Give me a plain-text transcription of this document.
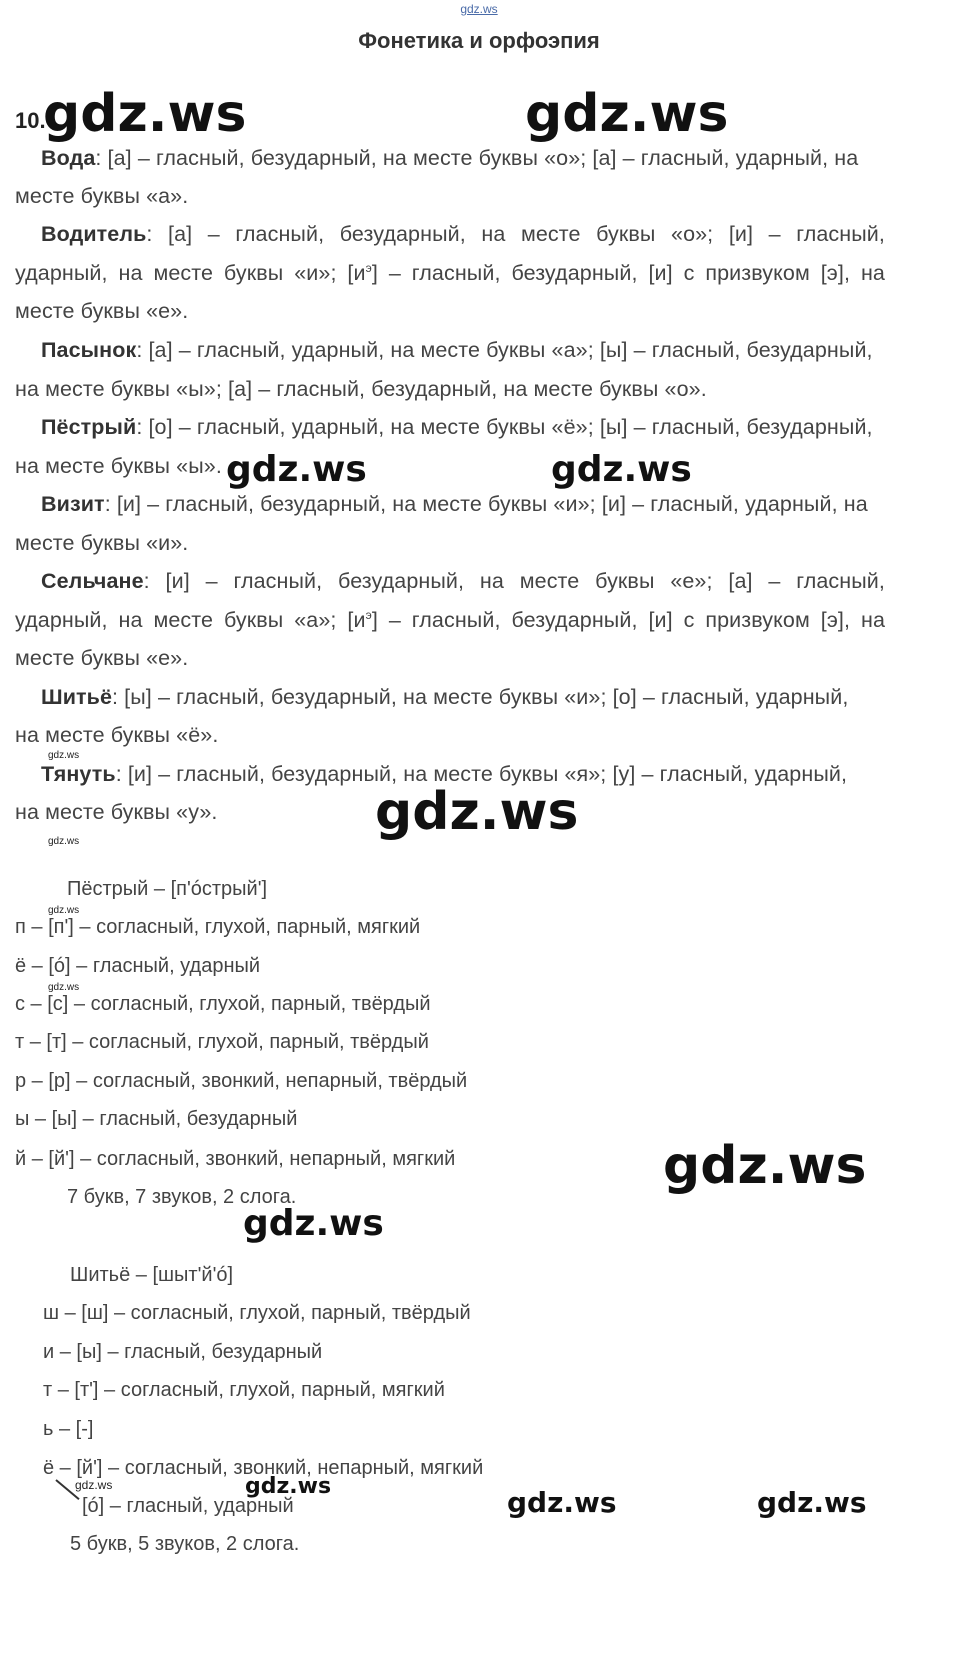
gdz.ws
Фонетика и орфоэпия
10.
Вода: [а] – гласный, безударный, на месте буквы «о»; [а] – гласный, ударный, на
месте буквы «а».
Водитель: [а] – гласный, безударный, на месте буквы «о»; [и] – гласный,
ударный, на месте буквы «и»; $[и^э]$ – гласный, безударный, [и] с призвуком [э], на
месте буквы «е».
Пасынок: [а] – гласный, ударный, на месте буквы «а»; [ы] – гласный, безударный,
на месте буквы «ы»; [а] – гласный, безударный, на месте буквы «о».
Пёстрый: [о] – гласный, ударный, на месте буквы «ё»; [ы] – гласный, безударный,
на месте буквы «ы».
Визит: [и] – гласный, безударный, на месте буквы «и»; [и] – гласный, ударный, на
месте буквы «и».
Сельчане: [и] – гласный, безударный, на месте буквы «е»; [а] – гласный,
ударный, на месте буквы «а»; $[и^э]$ – гласный, безударный, [и] с призвуком [э], на
месте буквы «е».
Шитьё: [ы] – гласный, безударный, на месте буквы «и»; [о] – гласный, ударный,
на месте буквы «ё».
Тянуть: [и] – гласный, безударный, на месте буквы «я»; [у] – гласный, ударный,
на месте буквы «у».
Пёстрый – [п'óстрый']
п – [п'] – согласный, глухой, парный, мягкий
ё – [ó] – гласный, ударный
с – [с] – согласный, глухой, парный, твёрдый
т – [т] – согласный, глухой, парный, твёрдый
р – [р] – согласный, звонкий, непарный, твёрдый
ы – [ы] – гласный, безударный
й – [й'] – согласный, звонкий, непарный, мягкий
7 букв, 7 звуков, 2 слога.
Шитьё – [шыт'й'ó]
ш – [ш] – согласный, глухой, парный, твёрдый
и – [ы] – гласный, безударный
т – [т'] – согласный, глухой, парный, мягкий
ь – [-]
ё – [й'] – согласный, звонкий, непарный, мягкий
[ó] – гласный, ударный
5 букв, 5 звуков, 2 слога.
gdz.ws	gdz.ws
gdz.ws	gdz.ws
gdz.ws
gdz.ws
gdz.ws
gdz.ws	gdz.ws	gdz.ws
gdz.ws
gdz.ws
gdz.ws
gdz.ws
gdz.ws
